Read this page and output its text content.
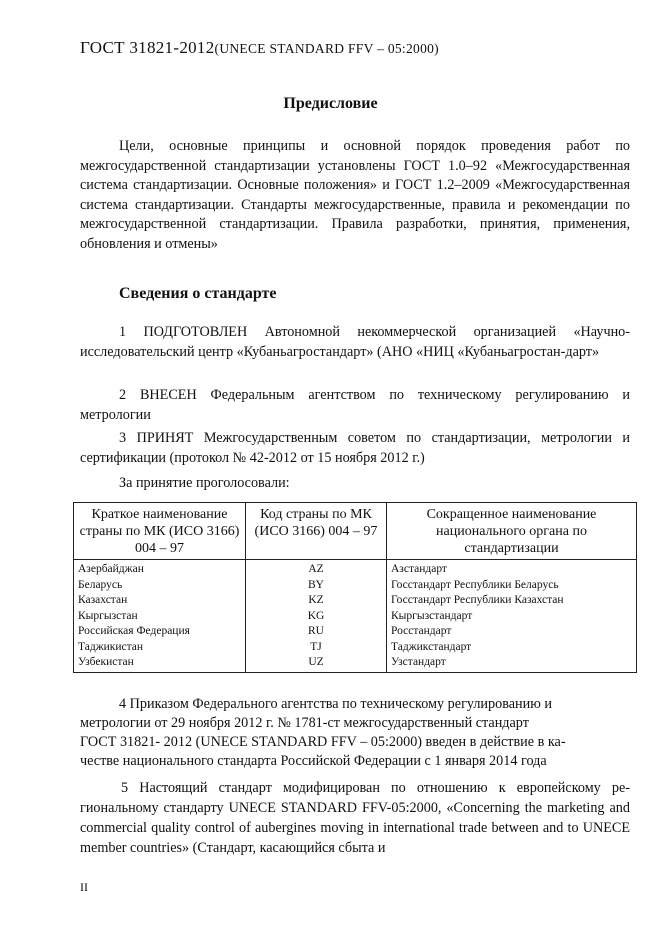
ГОСТ 31821-2012(UNECE STANDARD FFV – 05:2000)
Предисловие

Цели, основные принципы и основной порядок проведения работ по межгосударственной стандартизации установлены ГОСТ 1.0–92 «Межгосударственная система стандартизации. Основные положения» и ГОСТ 1.2–2009 «Межгосударственная система стандартизации. Стандарты межгосударственные, правила и рекомендации по межгосударственной стандартизации. Правила разработки, принятия, применения, обновления и отмены»

Сведения о стандарте

1 ПОДГОТОВЛЕН Автономной некоммерческой организацией «Научно-исследовательский центр «Кубаньагростандарт» (АНО «НИЦ «Кубаньагростан-дарт»

2 ВНЕСЕН Федеральным агентством по техническому регулированию и метрологии

3 ПРИНЯТ Межгосударственным советом по стандартизации, метрологии и сертификации (протокол № 42-2012 от 15 ноября 2012 г.)

За принятие проголосовали:
Краткое наименование страны по МК (ИСО 3166) 004 – 97	Код страны по МК (ИСО 3166) 004 – 97	Сокращенное наименование национального органа по стандартизации
Азербайджан	AZ	Азстандарт
Беларусь	BY	Госстандарт Республики Беларусь
Казахстан	KZ	Госстандарт Республики Казахстан
Кыргызстан	KG	Кыргызстандарт
Российская Федерация	RU	Росстандарт
Таджикистан	TJ	Таджикстандарт
Узбекистан	UZ	Узстандарт
4 Приказом Федерального агентства по техническому регулированию и
метрологии от 29 ноября 2012 г. № 1781-ст межгосударственный стандарт
ГОСТ 31821- 2012 (UNECE STANDARD FFV – 05:2000) введен в действие в ка-
честве национального стандарта Российской Федерации с 1 января 2014 года

5 Настоящий стандарт модифицирован по отношению к европейскому ре-гиональному стандарту UNECE STANDARD FFV-05:2000, «Concerning the marketing and commercial quality control of aubergines moving in international trade between and to UNECE member countries» (Стандарт, касающийся сбыта и

II
